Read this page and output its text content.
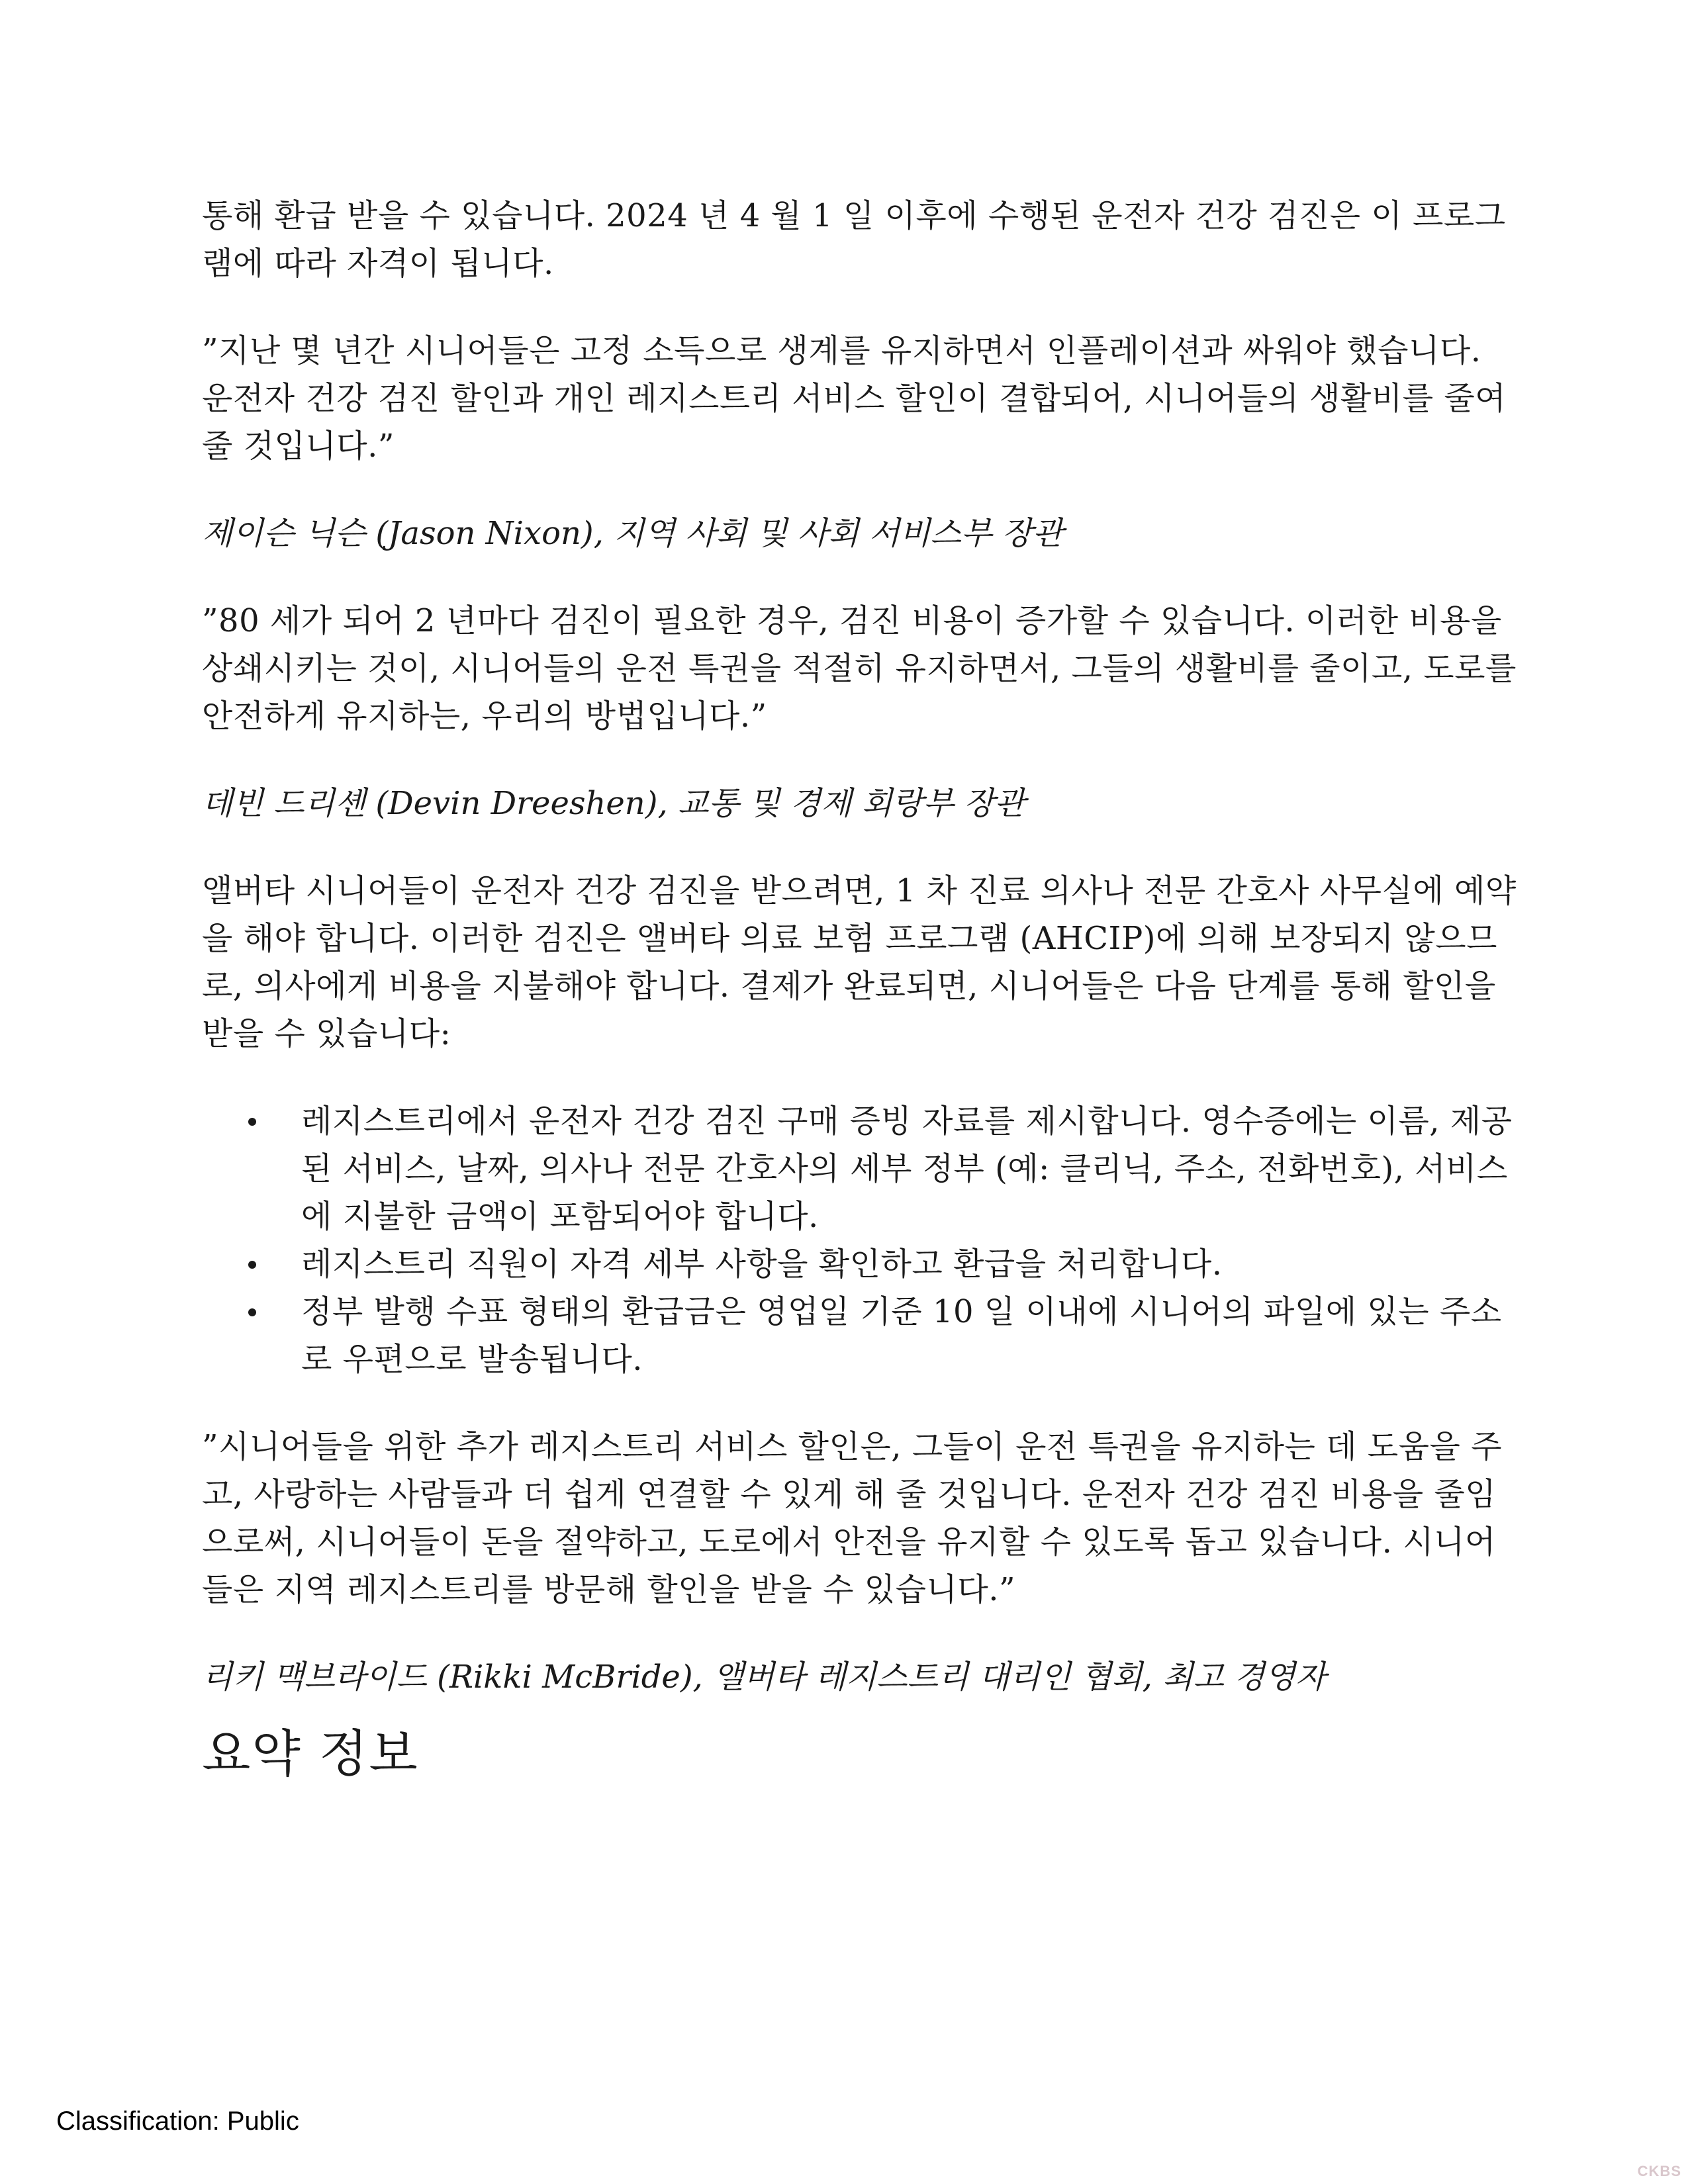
통해 환급 받을 수 있습니다. 2024 년 4 월 1 일 이후에 수행된 운전자 건강 검진은 이 프로그램에 따라 자격이 됩니다.

”지난 몇 년간 시니어들은 고정 소득으로 생계를 유지하면서 인플레이션과 싸워야 했습니다. 운전자 건강 검진 할인과 개인 레지스트리 서비스 할인이 결합되어, 시니어들의 생활비를 줄여 줄 것입니다.”

제이슨 닉슨 (Jason Nixon), 지역 사회 및 사회 서비스부 장관

”80 세가 되어 2 년마다 검진이 필요한 경우, 검진 비용이 증가할 수 있습니다. 이러한 비용을 상쇄시키는 것이, 시니어들의 운전 특권을 적절히 유지하면서, 그들의 생활비를 줄이고, 도로를 안전하게 유지하는, 우리의 방법입니다.”

데빈 드리셴 (Devin Dreeshen), 교통 및 경제 회랑부 장관

앨버타 시니어들이 운전자 건강 검진을 받으려면, 1 차 진료 의사나 전문 간호사 사무실에 예약을 해야 합니다. 이러한 검진은 앨버타 의료 보험 프로그램 (AHCIP)에 의해 보장되지 않으므로, 의사에게 비용을 지불해야 합니다. 결제가 완료되면, 시니어들은 다음 단계를 통해 할인을 받을 수 있습니다:

레지스트리에서 운전자 건강 검진 구매 증빙 자료를 제시합니다. 영수증에는 이름, 제공된 서비스, 날짜, 의사나 전문 간호사의 세부 정부 (예: 클리닉, 주소, 전화번호), 서비스에 지불한 금액이 포함되어야 합니다.
레지스트리 직원이 자격 세부 사항을 확인하고 환급을 처리합니다.
정부 발행 수표 형태의 환급금은 영업일 기준 10 일 이내에 시니어의 파일에 있는 주소로 우편으로 발송됩니다.

”시니어들을 위한 추가 레지스트리 서비스 할인은, 그들이 운전 특권을 유지하는 데 도움을 주고, 사랑하는 사람들과 더 쉽게 연결할 수 있게 해 줄 것입니다. 운전자 건강 검진 비용을 줄임으로써, 시니어들이 돈을 절약하고, 도로에서 안전을 유지할 수 있도록 돕고 있습니다. 시니어들은 지역 레지스트리를 방문해 할인을 받을 수 있습니다.”

리키 맥브라이드 (Rikki McBride), 앨버타 레지스트리 대리인 협회, 최고 경영자

요약 정보
Classification: Public
CKBS
